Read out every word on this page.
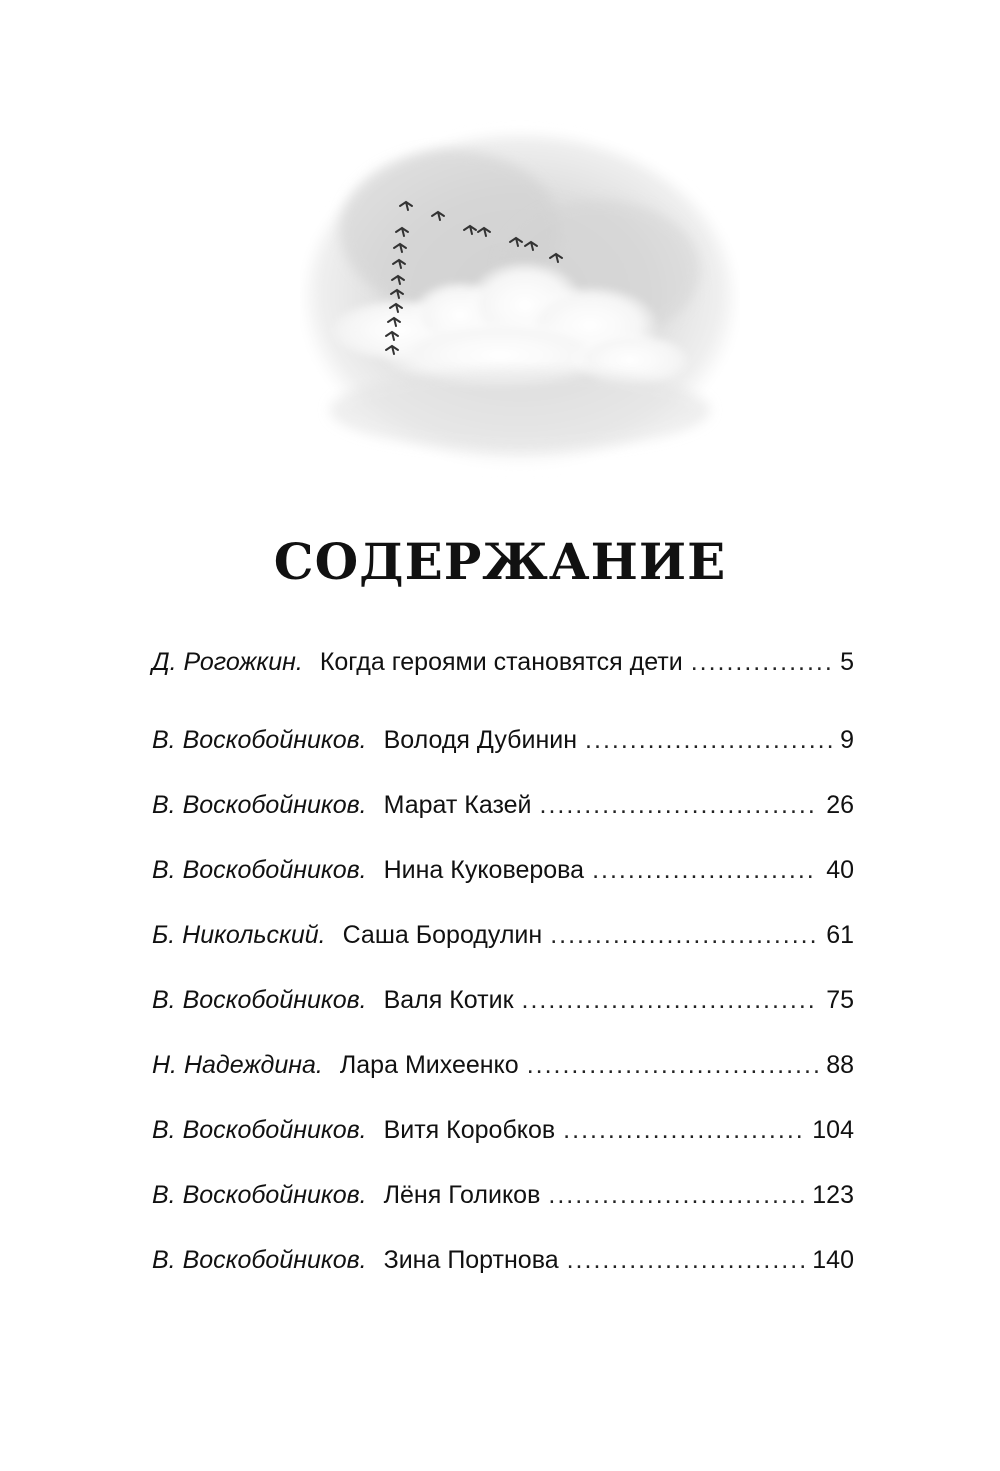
СОДЕРЖАНИЕ
Д. Рогожкин. Когда героями становятся дети .....	5
В. Воскобойников. Володя Дубинин .....	9
В. Воскобойников. Марат Казей .....	26
В. Воскобойников. Нина Куковерова .....	40
Б. Никольский. Саша Бородулин .....	61
В. Воскобойников. Валя Котик .....	75
Н. Надеждина. Лара Михеенко .....	88
В. Воскобойников. Витя Коробков .....	104
В. Воскобойников. Лёня Голиков .....	123
В. Воскобойников. Зина Портнова .....	140
